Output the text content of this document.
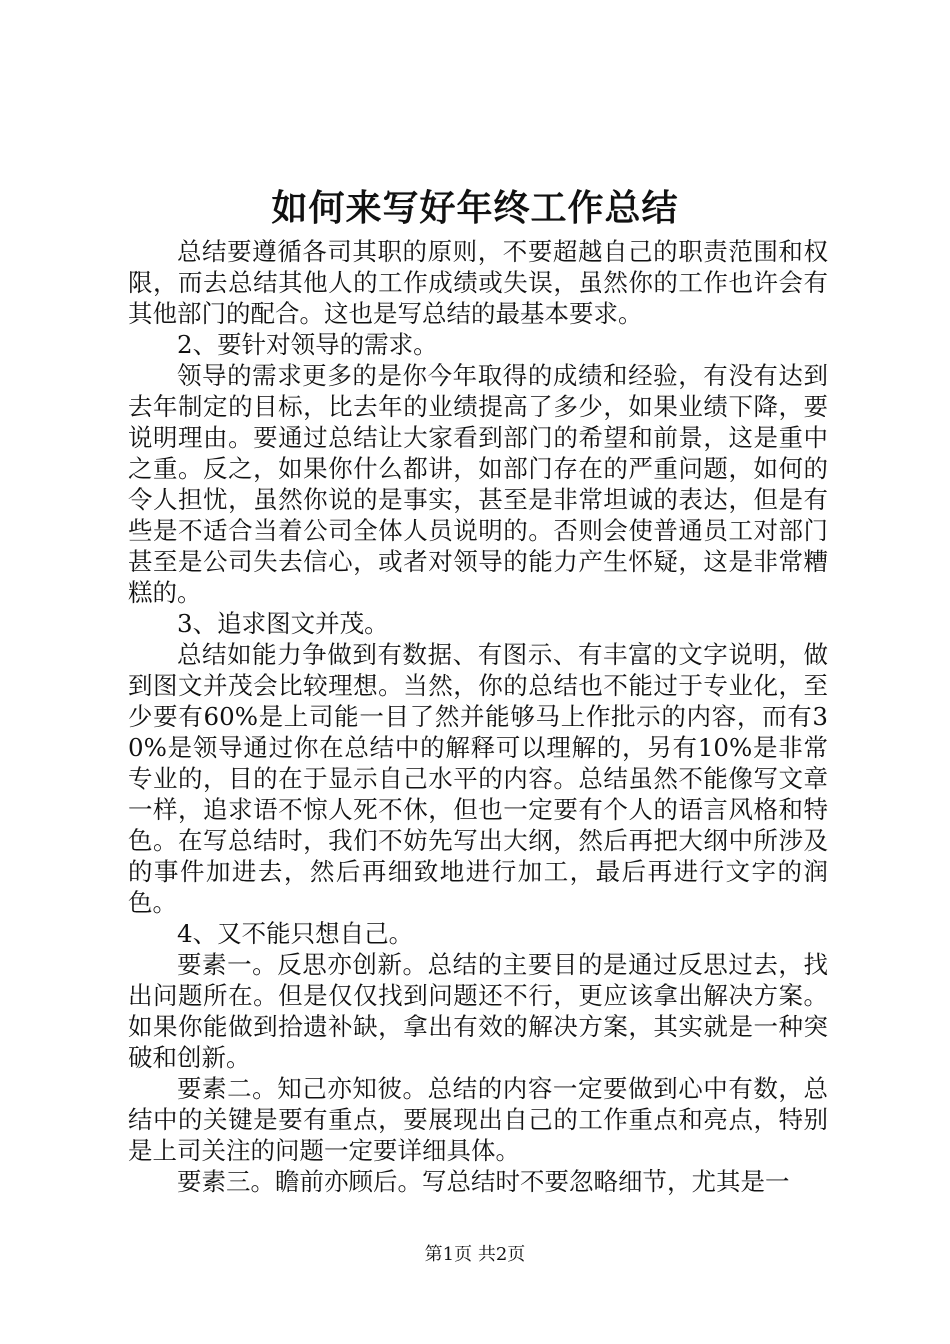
如何来写好年终工作总结

总结要遵循各司其职的原则，不要超越自己的职责范围和权限，而去总结其他人的工作成绩或失误，虽然你的工作也许会有其他部门的配合。这也是写总结的最基本要求。

2、要针对领导的需求。

领导的需求更多的是你今年取得的成绩和经验，有没有达到去年制定的目标，比去年的业绩提高了多少，如果业绩下降，要说明理由。要通过总结让大家看到部门的希望和前景，这是重中之重。反之，如果你什么都讲，如部门存在的严重问题，如何的令人担忧，虽然你说的是事实，甚至是非常坦诚的表达，但是有些是不适合当着公司全体人员说明的。否则会使普通员工对部门甚至是公司失去信心，或者对领导的能力产生怀疑，这是非常糟糕的。

3、追求图文并茂。

总结如能力争做到有数据、有图示、有丰富的文字说明，做到图文并茂会比较理想。当然，你的总结也不能过于专业化，至少要有60%是上司能一目了然并能够马上作批示的内容，而有30%是领导通过你在总结中的解释可以理解的，另有10%是非常专业的，目的在于显示自己水平的内容。总结虽然不能像写文章一样，追求语不惊人死不休，但也一定要有个人的语言风格和特色。在写总结时，我们不妨先写出大纲，然后再把大纲中所涉及的事件加进去，然后再细致地进行加工，最后再进行文字的润色。

4、又不能只想自己。

要素一。反思亦创新。总结的主要目的是通过反思过去，找出问题所在。但是仅仅找到问题还不行，更应该拿出解决方案。如果你能做到拾遗补缺，拿出有效的解决方案，其实就是一种突破和创新。

要素二。知己亦知彼。总结的内容一定要做到心中有数，总结中的关键是要有重点，要展现出自己的工作重点和亮点，特别是上司关注的问题一定要详细具体。

要素三。瞻前亦顾后。写总结时不要忽略细节，尤其是一

第1页 共2页
